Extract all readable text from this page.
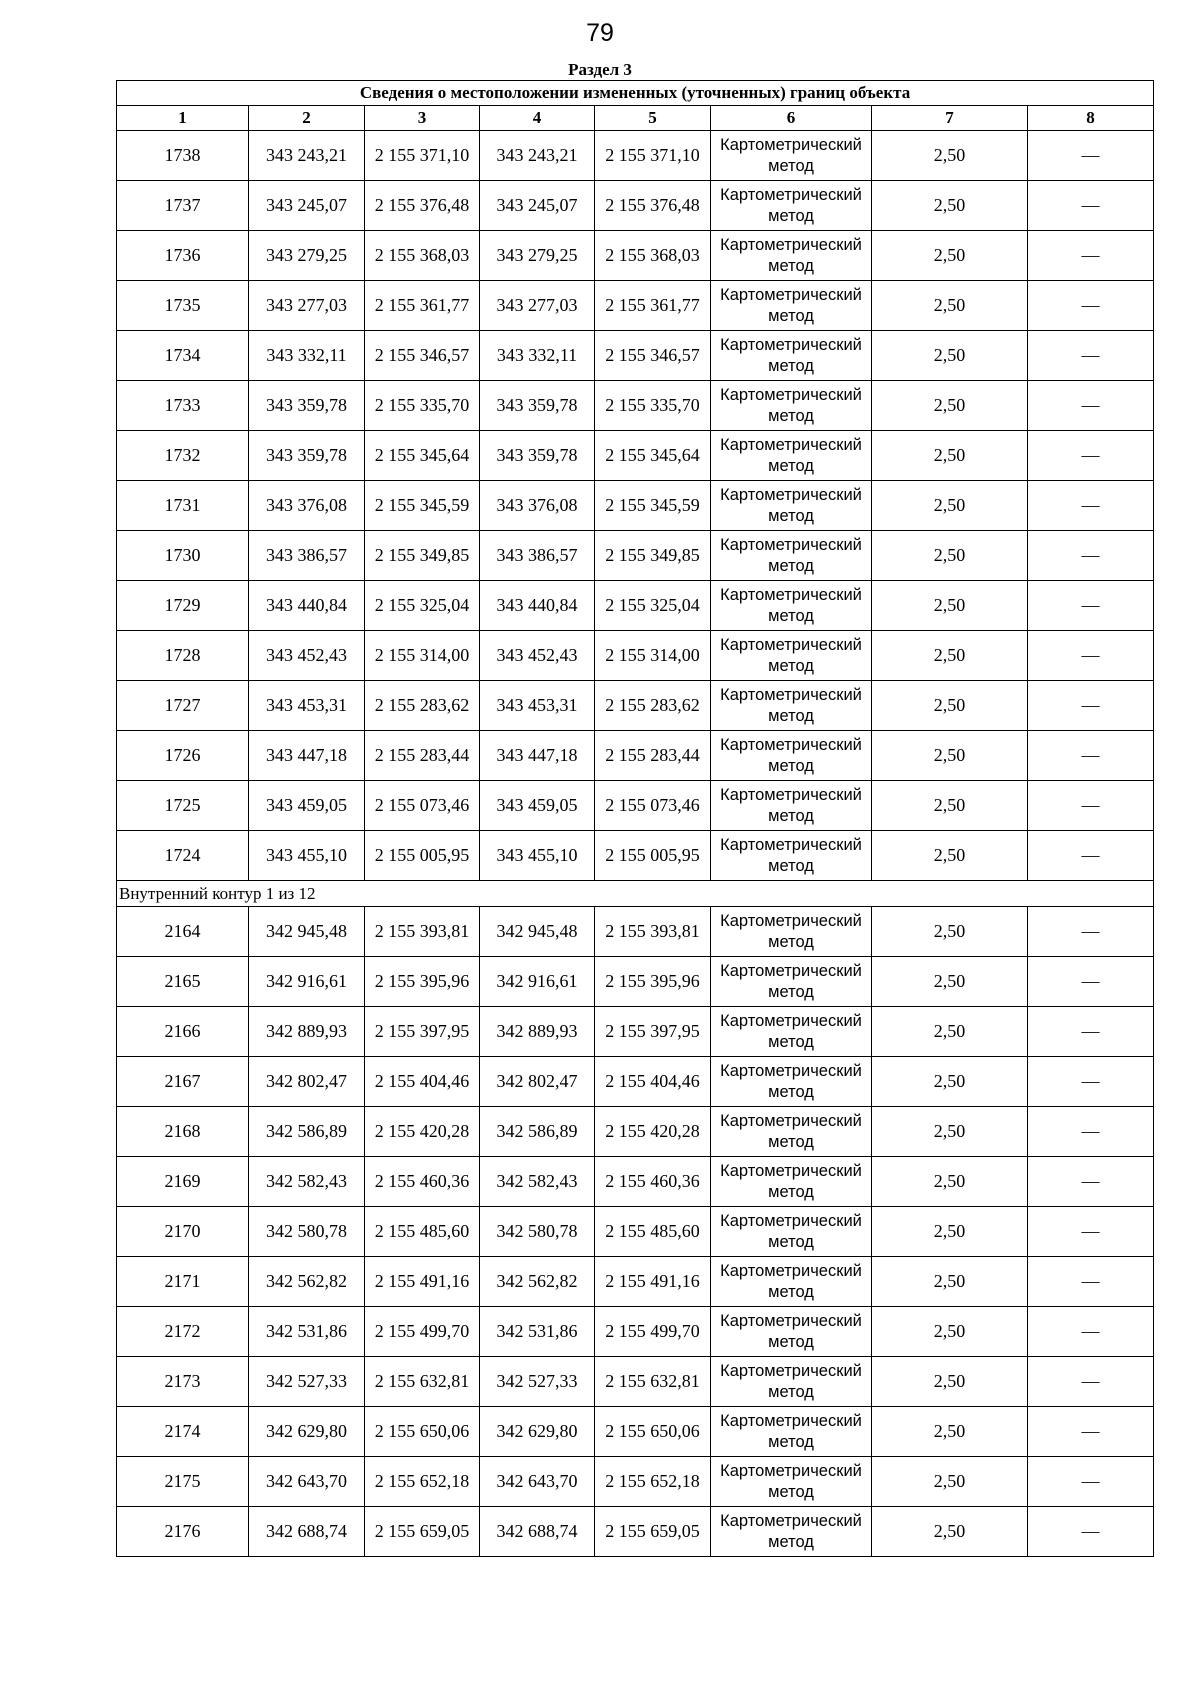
79
Раздел 3
Сведения о местоположении измененных (уточненных) границ объекта							
1	2	3	4	5	6	7	8
1738	343 243,21	2 155 371,10	343 243,21	2 155 371,10	Картометрический метод	2,50	—
1737	343 245,07	2 155 376,48	343 245,07	2 155 376,48	Картометрический метод	2,50	—
1736	343 279,25	2 155 368,03	343 279,25	2 155 368,03	Картометрический метод	2,50	—
1735	343 277,03	2 155 361,77	343 277,03	2 155 361,77	Картометрический метод	2,50	—
1734	343 332,11	2 155 346,57	343 332,11	2 155 346,57	Картометрический метод	2,50	—
1733	343 359,78	2 155 335,70	343 359,78	2 155 335,70	Картометрический метод	2,50	—
1732	343 359,78	2 155 345,64	343 359,78	2 155 345,64	Картометрический метод	2,50	—
1731	343 376,08	2 155 345,59	343 376,08	2 155 345,59	Картометрический метод	2,50	—
1730	343 386,57	2 155 349,85	343 386,57	2 155 349,85	Картометрический метод	2,50	—
1729	343 440,84	2 155 325,04	343 440,84	2 155 325,04	Картометрический метод	2,50	—
1728	343 452,43	2 155 314,00	343 452,43	2 155 314,00	Картометрический метод	2,50	—
1727	343 453,31	2 155 283,62	343 453,31	2 155 283,62	Картометрический метод	2,50	—
1726	343 447,18	2 155 283,44	343 447,18	2 155 283,44	Картометрический метод	2,50	—
1725	343 459,05	2 155 073,46	343 459,05	2 155 073,46	Картометрический метод	2,50	—
1724	343 455,10	2 155 005,95	343 455,10	2 155 005,95	Картометрический метод	2,50	—
Внутренний контур 1 из 12							
2164	342 945,48	2 155 393,81	342 945,48	2 155 393,81	Картометрический метод	2,50	—
2165	342 916,61	2 155 395,96	342 916,61	2 155 395,96	Картометрический метод	2,50	—
2166	342 889,93	2 155 397,95	342 889,93	2 155 397,95	Картометрический метод	2,50	—
2167	342 802,47	2 155 404,46	342 802,47	2 155 404,46	Картометрический метод	2,50	—
2168	342 586,89	2 155 420,28	342 586,89	2 155 420,28	Картометрический метод	2,50	—
2169	342 582,43	2 155 460,36	342 582,43	2 155 460,36	Картометрический метод	2,50	—
2170	342 580,78	2 155 485,60	342 580,78	2 155 485,60	Картометрический метод	2,50	—
2171	342 562,82	2 155 491,16	342 562,82	2 155 491,16	Картометрический метод	2,50	—
2172	342 531,86	2 155 499,70	342 531,86	2 155 499,70	Картометрический метод	2,50	—
2173	342 527,33	2 155 632,81	342 527,33	2 155 632,81	Картометрический метод	2,50	—
2174	342 629,80	2 155 650,06	342 629,80	2 155 650,06	Картометрический метод	2,50	—
2175	342 643,70	2 155 652,18	342 643,70	2 155 652,18	Картометрический метод	2,50	—
2176	342 688,74	2 155 659,05	342 688,74	2 155 659,05	Картометрический метод	2,50	—
